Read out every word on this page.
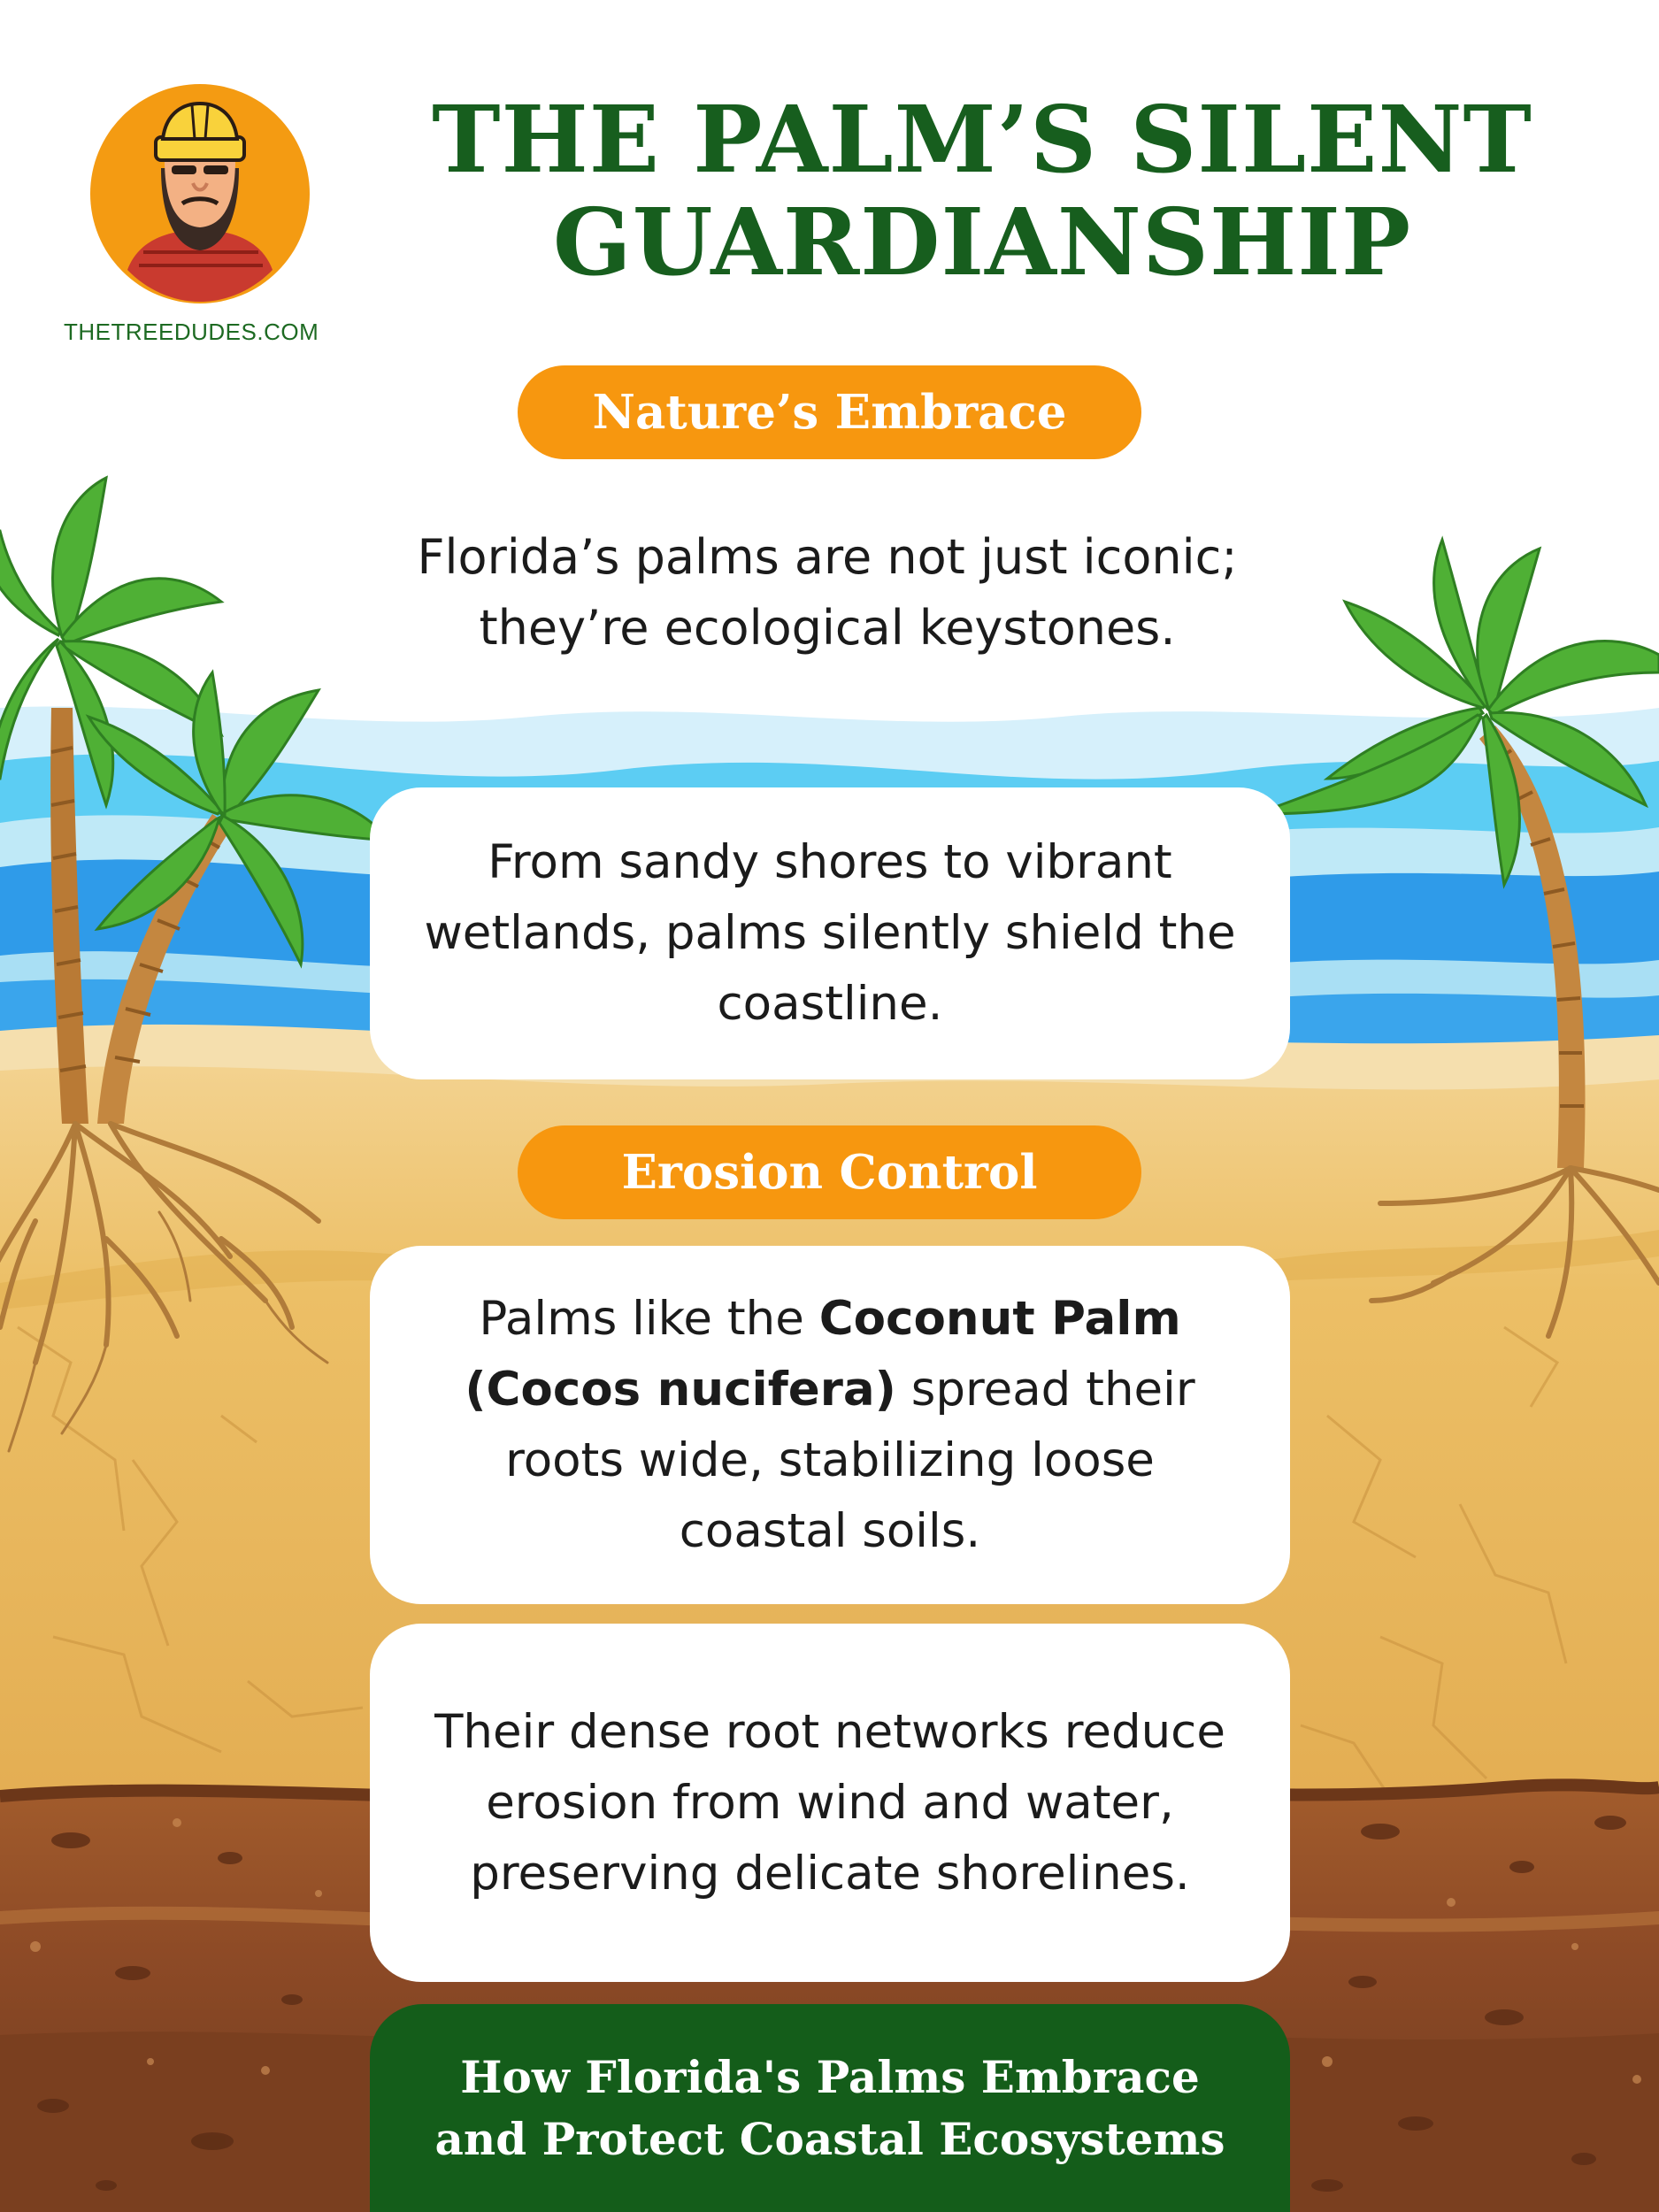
THETREEDUDES.COM
THE PALM’S SILENT
GUARDIANSHIP
Nature’s Embrace
Florida’s palms are not just iconic; they’re ecological keystones.
From sandy shores to vibrant wetlands, palms silently shield the coastline.
Erosion Control
Palms like the Coconut Palm (Cocos nucifera) spread their roots wide, stabilizing loose coastal soils.
Their dense root networks reduce erosion from wind and water, preserving delicate shorelines.
How Florida's Palms Embrace
and Protect Coastal Ecosystems
